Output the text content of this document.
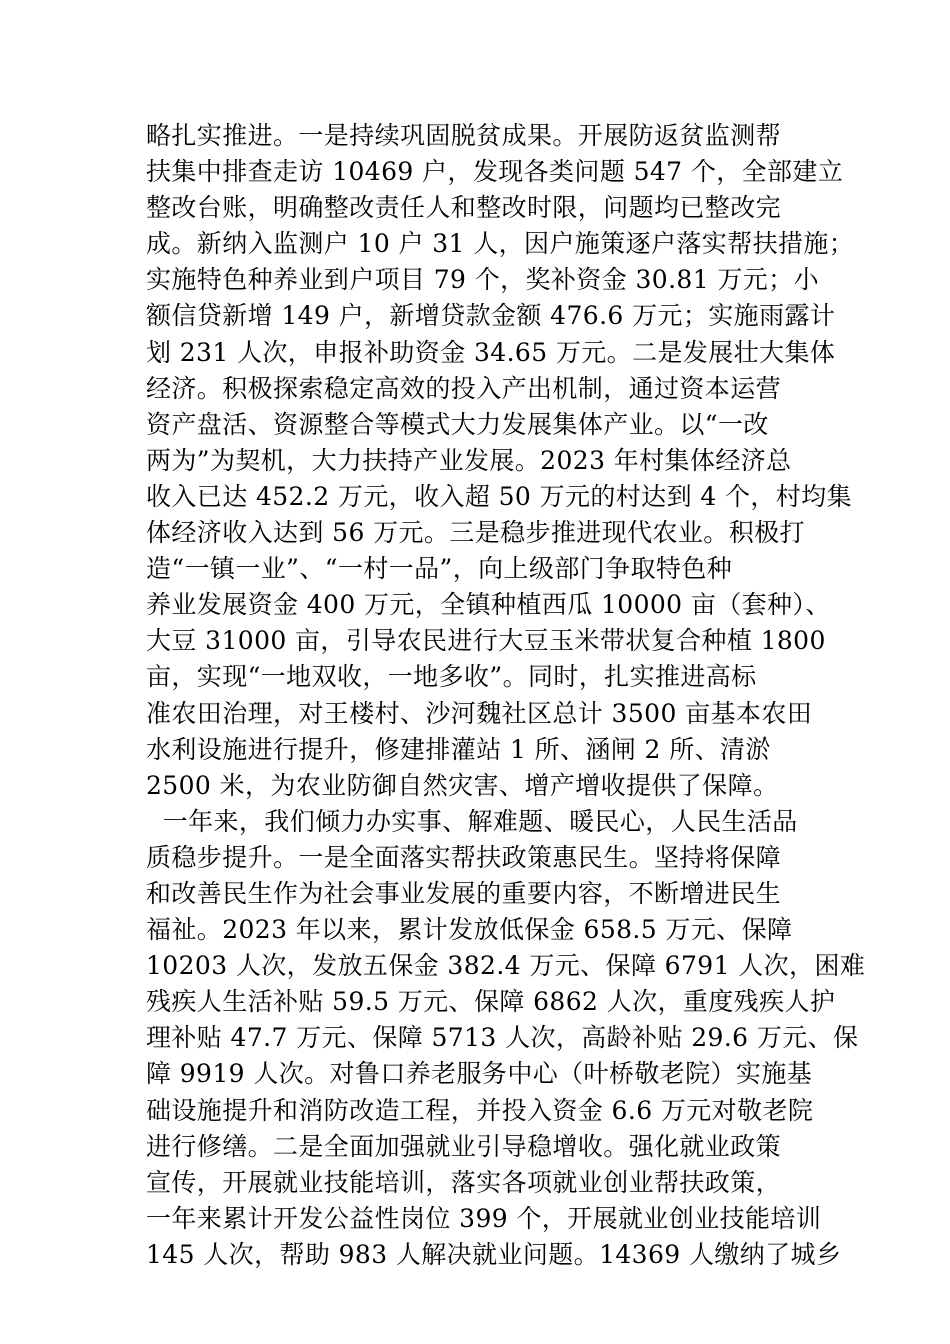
略扎实推进。一是持续巩固脱贫成果。开展防返贫监测帮
扶集中排查走访 10469 户，发现各类问题 547 个，全部建立
整改台账，明确整改责任人和整改时限，问题均已整改完
成。新纳入监测户 10 户 31 人，因户施策逐户落实帮扶措施；
实施特色种养业到户项目 79 个，奖补资金 30.81 万元；小
额信贷新增 149 户，新增贷款金额 476.6 万元；实施雨露计
划 231 人次，申报补助资金 34.65 万元。二是发展壮大集体
经济。积极探索稳定高效的投入产出机制，通过资本运营
资产盘活、资源整合等模式大力发展集体产业。以“一改
两为”为契机，大力扶持产业发展。2023 年村集体经济总
收入已达 452.2 万元，收入超 50 万元的村达到 4 个，村均集
体经济收入达到 56 万元。三是稳步推进现代农业。积极打
造“一镇一业”、“一村一品”，向上级部门争取特色种
养业发展资金 400 万元，全镇种植西瓜 10000 亩（套种）、
大豆 31000 亩，引导农民进行大豆玉米带状复合种植 1800
亩，实现“一地双收，一地多收”。同时，扎实推进高标
准农田治理，对王楼村、沙河魏社区总计 3500 亩基本农田
水利设施进行提升，修建排灌站 1 所、涵闸 2 所、清淤
2500 米，为农业防御自然灾害、增产增收提供了保障。
一年来，我们倾力办实事、解难题、暖民心，人民生活品
质稳步提升。一是全面落实帮扶政策惠民生。坚持将保障
和改善民生作为社会事业发展的重要内容，不断增进民生
福祉。2023 年以来，累计发放低保金 658.5 万元、保障
10203 人次，发放五保金 382.4 万元、保障 6791 人次，困难
残疾人生活补贴 59.5 万元、保障 6862 人次，重度残疾人护
理补贴 47.7 万元、保障 5713 人次，高龄补贴 29.6 万元、保
障 9919 人次。对鲁口养老服务中心（叶桥敬老院）实施基
础设施提升和消防改造工程，并投入资金 6.6 万元对敬老院
进行修缮。二是全面加强就业引导稳增收。强化就业政策
宣传，开展就业技能培训，落实各项就业创业帮扶政策，
一年来累计开发公益性岗位 399 个，开展就业创业技能培训
145 人次，帮助 983 人解决就业问题。14369 人缴纳了城乡
